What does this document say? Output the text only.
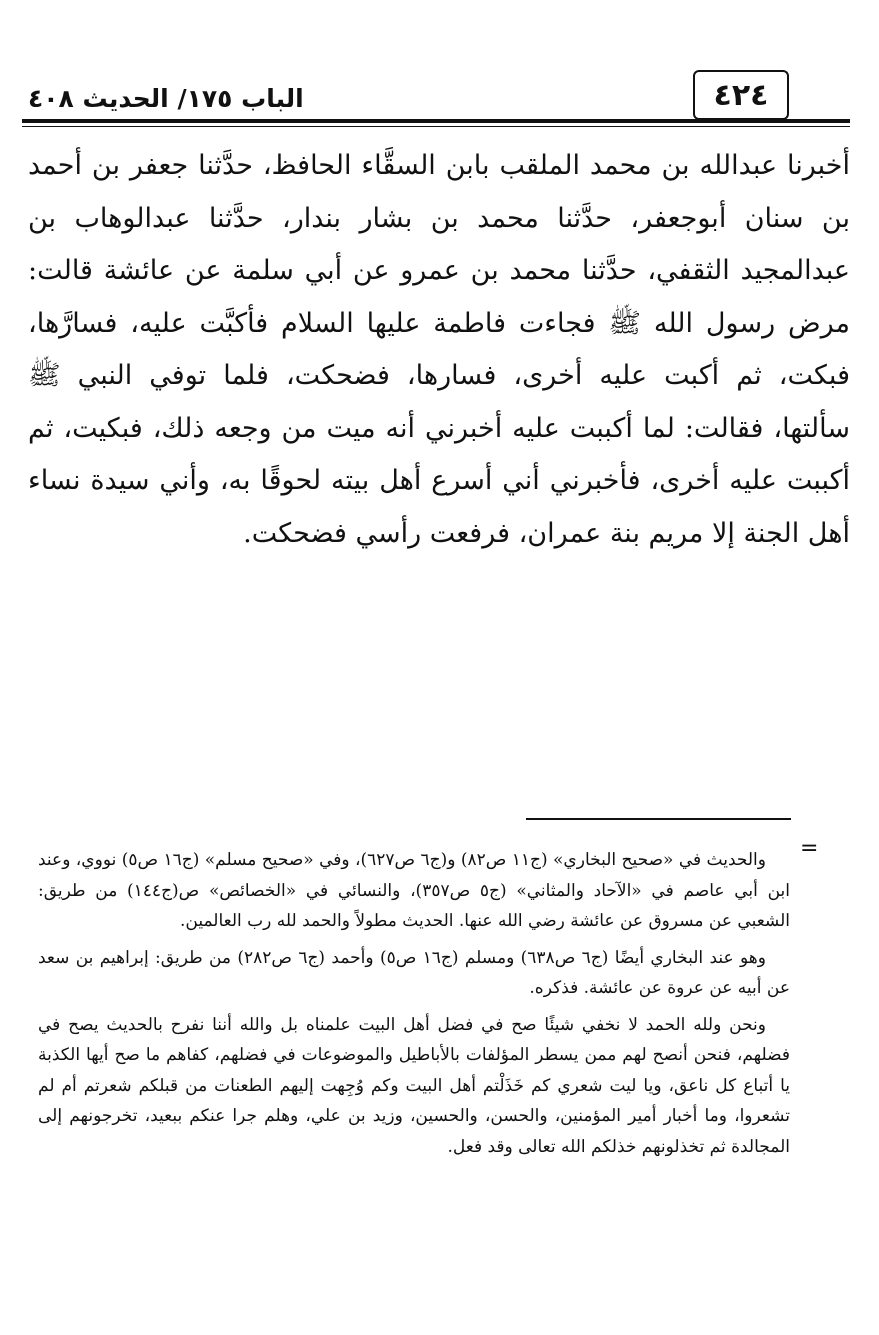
٤٢٤
الباب ١٧٥/ الحديث ٤٠٨

أخبرنا عبدالله بن محمد الملقب بابن السقَّاء الحافظ، حدَّثنا جعفر بن أحمد بن سنان أبوجعفر، حدَّثنا محمد بن بشار بندار، حدَّثنا عبدالوهاب بن عبدالمجيد الثقفي، حدَّثنا محمد بن عمرو عن أبي سلمة عن عائشة قالت: مرض رسول الله ﷺ فجاءت فاطمة عليها السلام فأكبَّت عليه، فسارَّها، فبكت، ثم أكبت عليه أخرى، فسارها، فضحكت، فلما توفي النبي ﷺ سألتها، فقالت: لما أكببت عليه أخبرني أنه ميت من وجعه ذلك، فبكيت، ثم أكببت عليه أخرى، فأخبرني أني أسرع أهل بيته لحوقًا به، وأني سيدة نساء أهل الجنة إلا مريم بنة عمران، فرفعت رأسي فضحكت.

=

والحديث في «صحيح البخاري» (ج١١ ص٨٢) و(ج٦ ص٦٢٧)، وفي «صحيح مسلم» (ج١٦ ص٥) نووي، وعند ابن أبي عاصم في «الآحاد والمثاني» (ج٥ ص٣٥٧)، والنسائي في «الخصائص» ص(ج١٤٤) من طريق: الشعبي عن مسروق عن عائشة رضي الله عنها. الحديث مطولاً والحمد لله رب العالمين.

وهو عند البخاري أيضًا (ج٦ ص٦٣٨) ومسلم (ج١٦ ص٥) وأحمد (ج٦ ص٢٨٢) من طريق: إبراهيم بن سعد عن أبيه عن عروة عن عائشة. فذكره.

ونحن ولله الحمد لا نخفي شيئًا صح في فضل أهل البيت علمناه بل والله أننا نفرح بالحديث يصح في فضلهم، فنحن أنصح لهم ممن يسطر المؤلفات بالأباطيل والموضوعات في فضلهم، كفاهم ما صح أيها الكذبة يا أتباع كل ناعق، ويا ليت شعري كم خَذَلْتم أهل البيت وكم وُجِهت إليهم الطعنات من قبلكم شعرتم أم لم تشعروا، وما أخبار أمير المؤمنين، والحسن، والحسين، وزيد بن علي، وهلم جرا عنكم ببعيد، تخرجونهم إلى المجالدة ثم تخذلونهم خذلكم الله تعالى وقد فعل.
